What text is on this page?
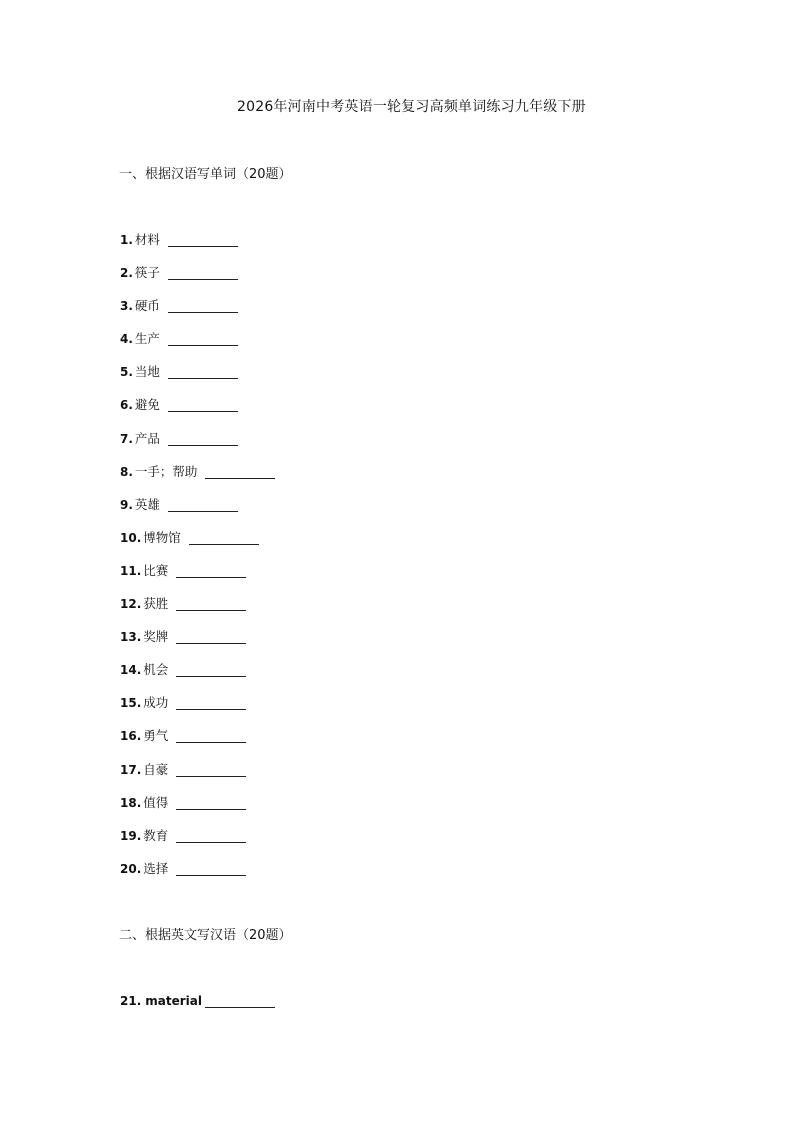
2026年河南中考英语一轮复习高频单词练习九年级下册
一、根据汉语写单词（20题）
1. 材料
2. 筷子
3. 硬币
4. 生产
5. 当地
6. 避免
7. 产品
8. 一手；帮助
9. 英雄
10. 博物馆
11. 比赛
12. 获胜
13. 奖牌
14. 机会
15. 成功
16. 勇气
17. 自豪
18. 值得
19. 教育
20. 选择
二、根据英文写汉语（20题）
21. material
